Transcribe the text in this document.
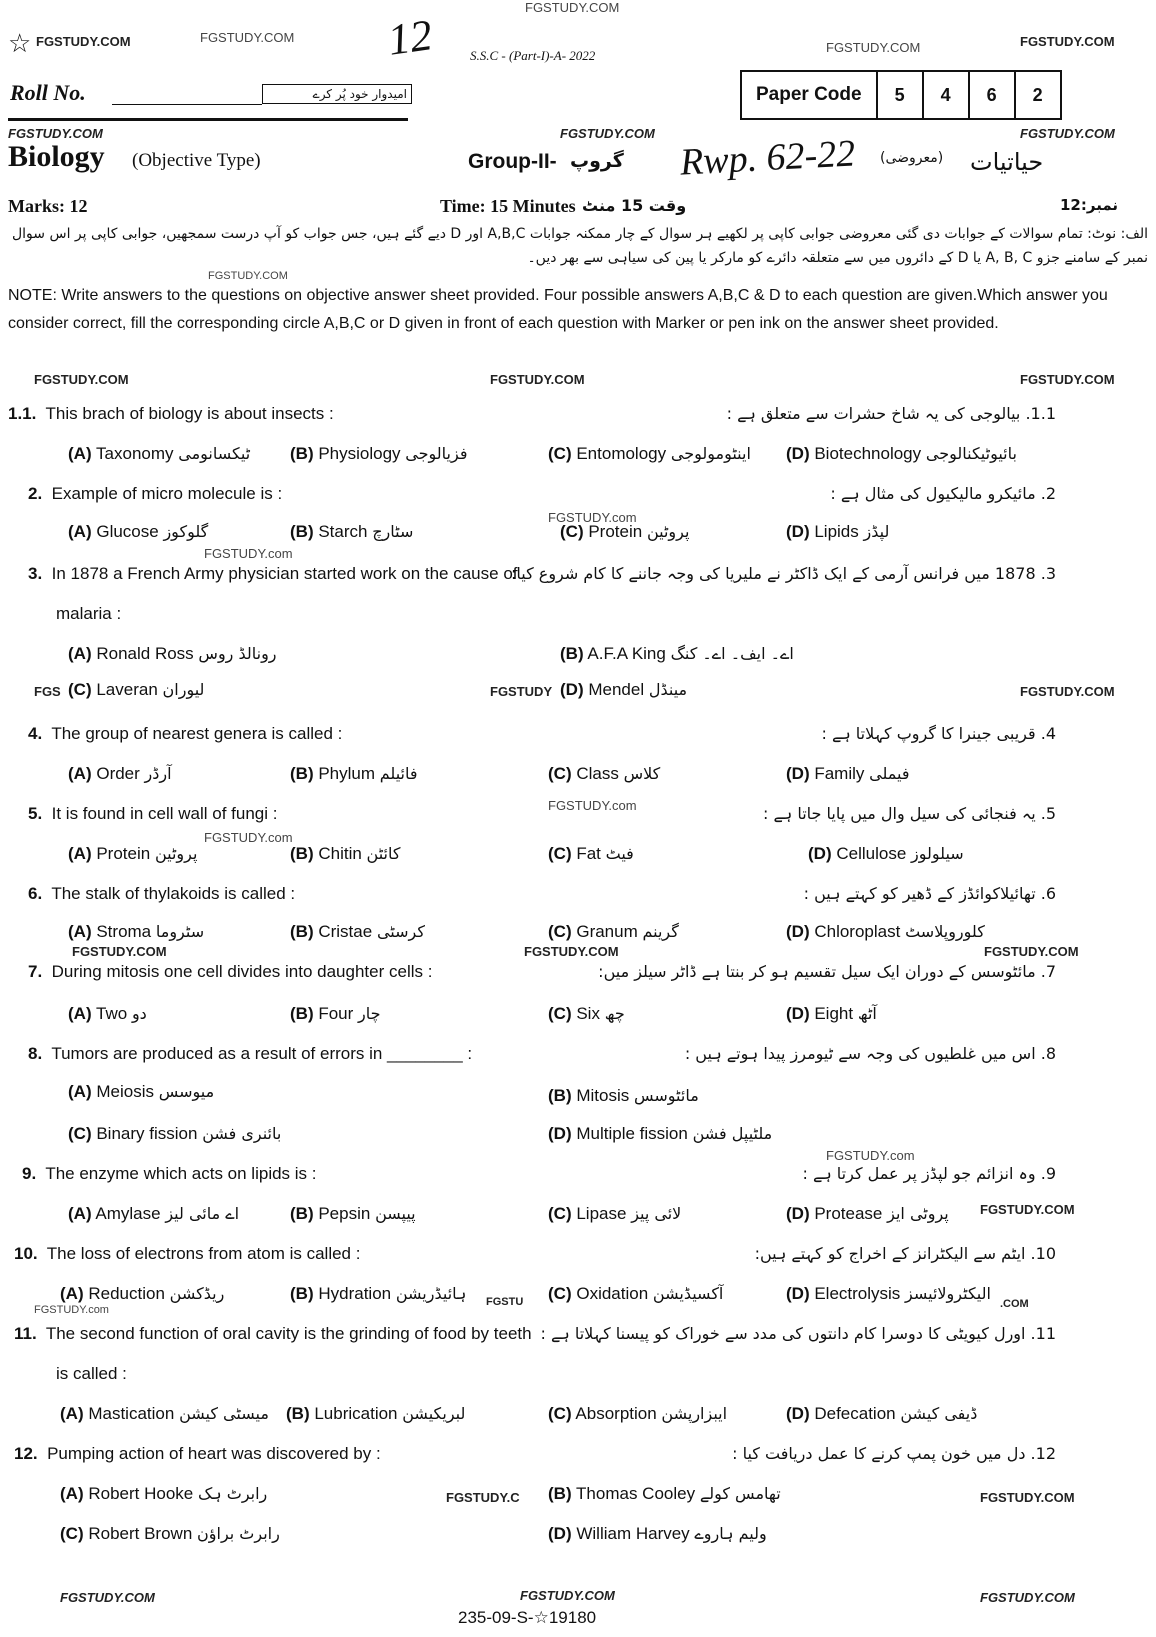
FGSTUDY.COM
☆ FGSTUDY.COM	FGSTUDY.COM 12	S.S.C - (Part-I)-A- 2022
FGSTUDY.COM	FGSTUDY.COM
Roll No.	امیدوار خود پُر کرے	Paper Code	5	4	6	2
FGSTUDY.COM	FGSTUDY.COM	FGSTUDY.COM
Biology (Objective Type)	Group-II- گروپ Rwp. 62-22 (معروضی) حیاتیات
Marks: 12	Time: 15 Minutes وقت 15 منٹ	نمبر:12
الف: نوٹ: تمام سوالات کے جوابات دی گئی معروضی جوابی کاپی پر لکھیے ہر سوال کے چار ممکنہ جوابات A,B,C اور D دیے گئے ہیں، جس جواب کو آپ درست سمجھیں، جوابی کاپی پر اس سوال نمبر کے سامنے جزو A, B, C یا D کے دائروں میں سے متعلقہ دائرے کو مارکر یا پین کی سیاہی سے بھر دیں۔
FGSTUDY.COM
NOTE: Write answers to the questions on objective answer sheet provided. Four possible answers A,B,C & D to each question are given.Which answer you consider correct, fill the corresponding circle A,B,C or D given in front of each question with Marker or pen ink on the answer sheet provided.
FGSTUDY.COM	FGSTUDY.COM	FGSTUDY.COM
1.1. This brach of biology is about insects :	1.1. بیالوجی کی یہ شاخ حشرات سے متعلق ہے :
(A) Taxonomy ٹیکسانومی (B) Physiology فزیالوجی	(C) Entomology اینٹومولوجی (D) Biotechnology بائیوٹیکنالوجی
2. Example of micro molecule is :	2. مائیکرو مالیکیول کی مثال ہے :
FGSTUDY.com
(A) Glucose گلوکوز	(B) Starch سٹارچ	(C) Protein پروٹین	(D) Lipids لپڈز
FGSTUDY.com
3. In 1878 a French Army physician started work on the cause of
3. 1878 میں فرانس آرمی کے ایک ڈاکٹر نے ملیریا کی وجہ جاننے کا کام شروع کیا:
malaria :
(A) Ronald Ross رونالڈ روس	(B) A.F.A King اے۔ ایف۔ اے۔ کنگ
FGS (C) Laveran لیوران	FGSTUDY (D) Mendel مینڈل	FGSTUDY.COM
4. The group of nearest genera is called :	4. قریبی جینرا کا گروپ کہلاتا ہے :
(A) Order آرڈر	(B) Phylum فائیلم	(C) Class کلاس	(D) Family فیملی
FGSTUDY.com
5. It is found in cell wall of fungi :	5. یہ فنجائی کی سیل وال میں پایا جاتا ہے :
FGSTUDY.com
(A) Protein پروٹین	(B) Chitin کائٹن	(C) Fat فیٹ	(D) Cellulose سیلولوز
6. The stalk of thylakoids is called :	6. تھائیلاکوائڈز کے ڈھیر کو کہتے ہیں :
(A) Stroma سٹروما	(B) Cristae کرسٹی	(C) Granum گرینم	(D) Chloroplast کلوروپلاسٹ
FGSTUDY.COM	FGSTUDY.COM	FGSTUDY.COM
7. During mitosis one cell divides into daughter cells :	7. مائٹوسس کے دوران ایک سیل تقسیم ہو کر بنتا ہے ڈاٹر سیلز میں:
(A) Two دو	(B) Four چار	(C) Six چھ	(D) Eight آٹھ
8. Tumors are produced as a result of errors in ________ :	8. اس میں غلطیوں کی وجہ سے ٹیومرز پیدا ہوتے ہیں :
(A) Meiosis میوسس	(B) Mitosis مائٹوسس
(C) Binary fission بائنری فشن	(D) Multiple fission ملٹیپل فشن
FGSTUDY.com
9. The enzyme which acts on lipids is :	9. وہ انزائم جو لپڈز پر عمل کرتا ہے :
(A) Amylase اے مائی لیز	(B) Pepsin پیپسن	(C) Lipase لائی پیز	(D) Protease پروٹی ایز FGSTUDY.COM
10. The loss of electrons from atom is called :	10. ایٹم سے الیکٹرانز کے اخراج کو کہتے ہیں:
(A) Reduction ریڈکشن
FGSTUDY.com
(B) Hydration ہائیڈریشن FGSTU (C) Oxidation آکسیڈیشن	(D) Electrolysis الیکٹرولائیسز
.COM
11. The second function of oral cavity is the grinding of food by teeth 11. اورل کیویٹی کا دوسرا کام دانتوں کی مدد سے خوراک کو پیسنا کہلاتا ہے :
is called :
(A) Mastication میسٹی کیشن (B) Lubrication لبریکیشن	(C) Absorption ایبزارپشن	(D) Defecation ڈیفی کیشن
12. Pumping action of heart was discovered by :	12. دل میں خون پمپ کرنے کا عمل دریافت کیا :
(A) Robert Hooke رابرٹ ہک	FGSTUDY.C (B) Thomas Cooley تھامس کولے	FGSTUDY.COM
(C) Robert Brown رابرٹ براؤن	(D) William Harvey ولیم ہاروے
FGSTUDY.COM	FGSTUDY.COM	FGSTUDY.COM
235-09-S-☆19180
